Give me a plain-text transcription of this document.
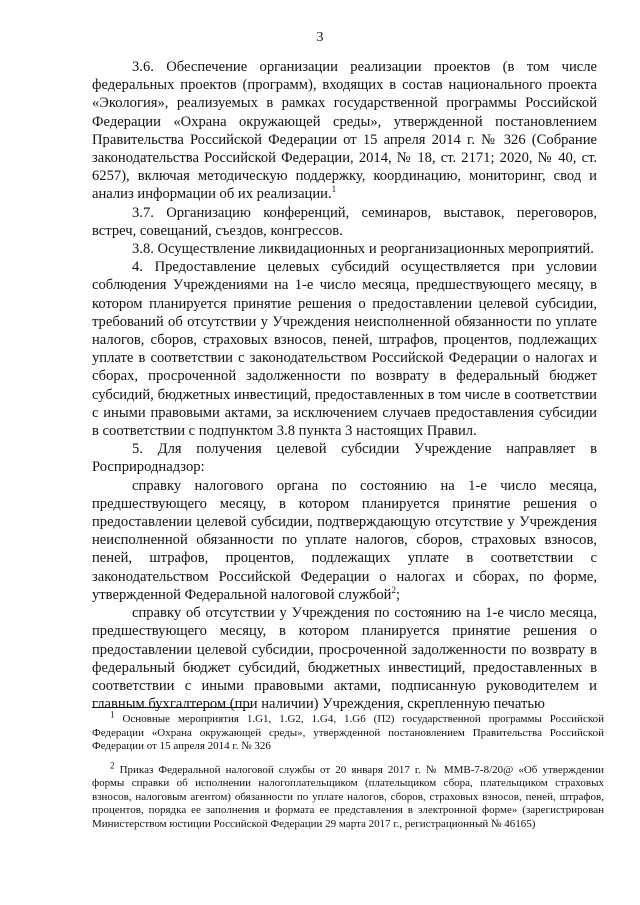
3

3.6. Обеспечение организации реализации проектов (в том числе федеральных проектов (программ), входящих в состав национального проекта «Экология», реализуемых в рамках государственной программы Российской Федерации «Охрана окружающей среды», утвержденной постановлением Правительства Российской Федерации от 15 апреля 2014 г. № 326 (Собрание законодательства Российской Федерации, 2014, № 18, ст. 2171; 2020, № 40, ст. 6257), включая методическую поддержку, координацию, мониторинг, свод и анализ информации об их реализации.$^1$

3.7. Организацию конференций, семинаров, выставок, переговоров, встреч, совещаний, съездов, конгрессов.

3.8. Осуществление ликвидационных и реорганизационных мероприятий.

4. Предоставление целевых субсидий осуществляется при условии соблюдения Учреждениями на 1-е число месяца, предшествующего месяцу, в котором планируется принятие решения о предоставлении целевой субсидии, требований об отсутствии у Учреждения неисполненной обязанности по уплате налогов, сборов, страховых взносов, пеней, штрафов, процентов, подлежащих уплате в соответствии с законодательством Российской Федерации о налогах и сборах, просроченной задолженности по возврату в федеральный бюджет субсидий, бюджетных инвестиций, предоставленных в том числе в соответствии с иными правовыми актами, за исключением случаев предоставления субсидии в соответствии с подпунктом 3.8 пункта 3 настоящих Правил.

5. Для получения целевой субсидии Учреждение направляет в Росприроднадзор:

справку налогового органа по состоянию на 1-е число месяца, предшествующего месяцу, в котором планируется принятие решения о предоставлении целевой субсидии, подтверждающую отсутствие у Учреждения неисполненной обязанности по уплате налогов, сборов, страховых взносов, пеней, штрафов, процентов, подлежащих уплате в соответствии с законодательством Российской Федерации о налогах и сборах, по форме, утвержденной Федеральной налоговой службой$^2$;

справку об отсутствии у Учреждения по состоянию на 1-е число месяца, предшествующего месяцу, в котором планируется принятие решения о предоставлении целевой субсидии, просроченной задолженности по возврату в федеральный бюджет субсидий, бюджетных инвестиций, предоставленных в соответствии с иными правовыми актами, подписанную руководителем и главным бухгалтером (при наличии) Учреждения, скрепленную печатью

$^1$ Основные мероприятия 1.G1, 1.G2, 1.G4, 1.G6 (П2) государственной программы Российской Федерации «Охрана окружающей среды», утвержденной постановлением Правительства Российской Федерации от 15 апреля 2014 г. № 326

$^2$ Приказ Федеральной налоговой службы от 20 января 2017 г. № ММВ-7-8/20@ «Об утверждении формы справки об исполнении налогоплательщиком (плательщиком сбора, плательщиком страховых взносов, налоговым агентом) обязанности по уплате налогов, сборов, страховых взносов, пеней, штрафов, процентов, порядка ее заполнения и формата ее представления в электронной форме» (зарегистрирован Министерством юстиции Российской Федерации 29 марта 2017 г., регистрационный № 46165)
